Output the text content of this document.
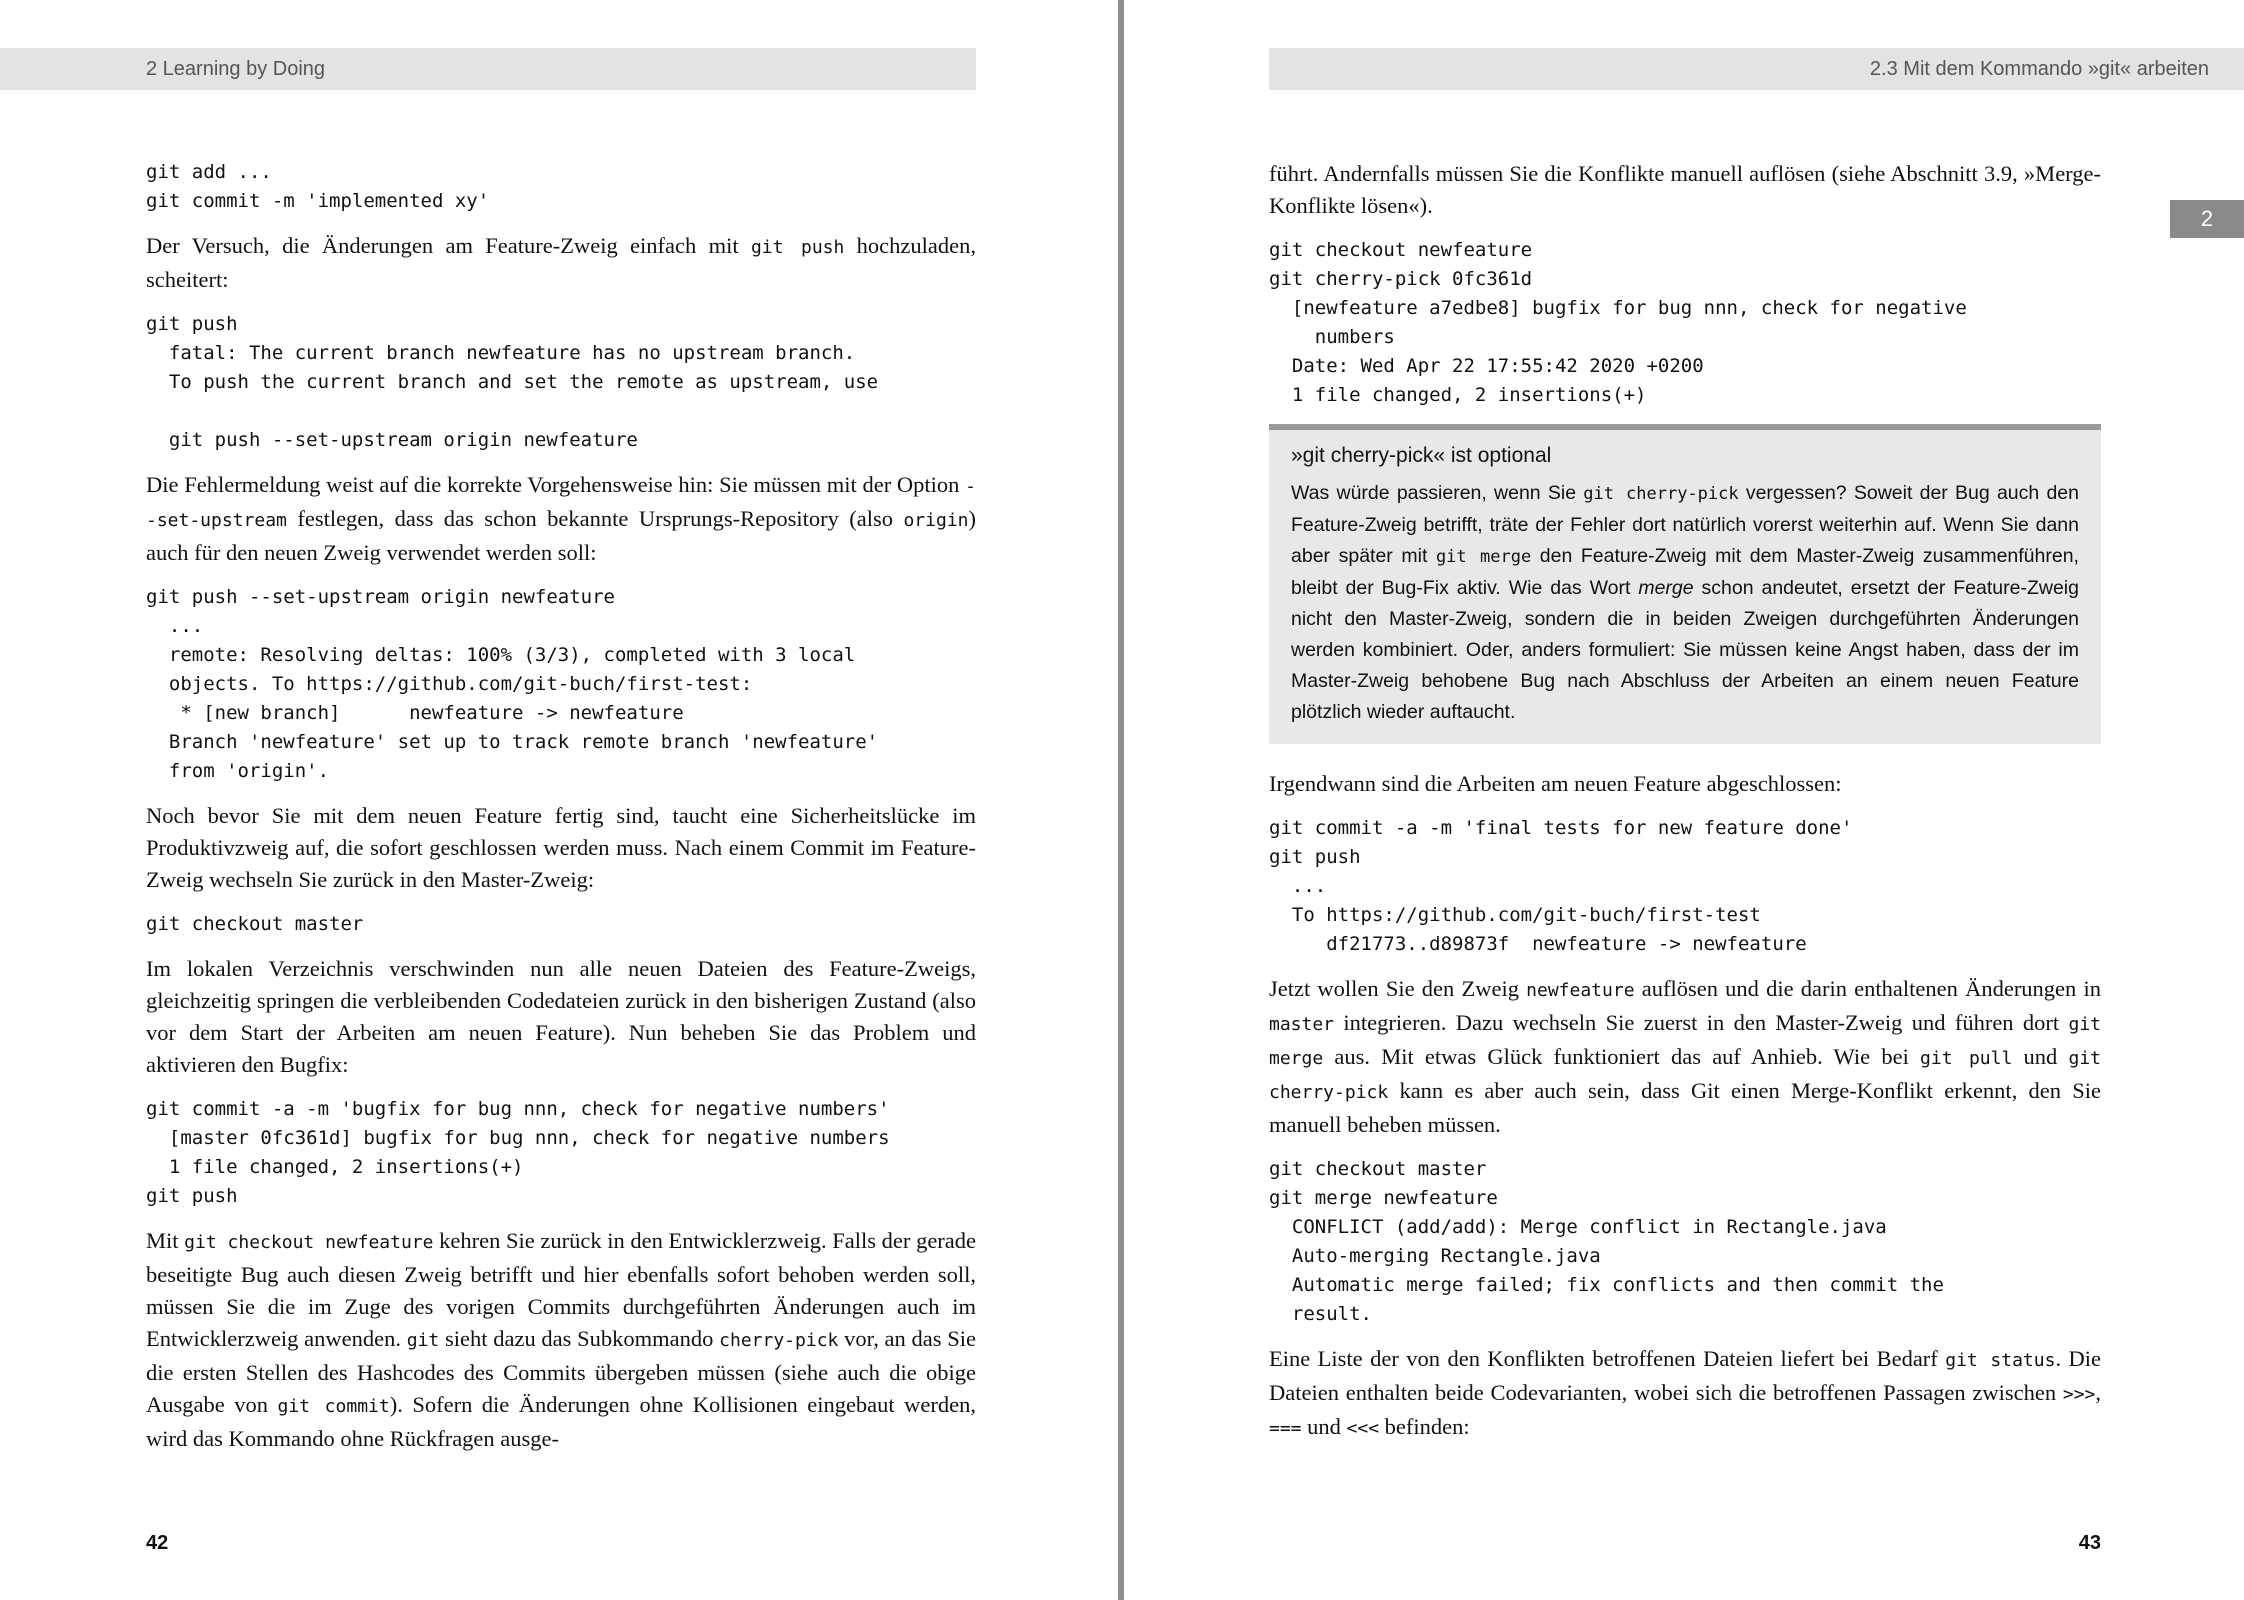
2 Learning by Doing
git add ...
git commit -m 'implemented xy'

Der Versuch, die Änderungen am Feature-Zweig einfach mit git push hochzuladen, scheitert:

git push
fatal: The current branch newfeature has no upstream branch.
To push the current branch and set the remote as upstream, use

git push --set-upstream origin newfeature

Die Fehlermeldung weist auf die korrekte Vorgehensweise hin: Sie müssen mit der Option --set-upstream festlegen, dass das schon bekannte Ursprungs-Repository (also origin) auch für den neuen Zweig verwendet werden soll:

git push --set-upstream origin newfeature
...
remote: Resolving deltas: 100% (3/3), completed with 3 local
objects. To https://github.com/git-buch/first-test:
* [new branch]      newfeature -> newfeature
Branch 'newfeature' set up to track remote branch 'newfeature'
from 'origin'.

Noch bevor Sie mit dem neuen Feature fertig sind, taucht eine Sicherheitslücke im Produktivzweig auf, die sofort geschlossen werden muss. Nach einem Commit im Feature-Zweig wechseln Sie zurück in den Master-Zweig:

git checkout master

Im lokalen Verzeichnis verschwinden nun alle neuen Dateien des Feature-Zweigs, gleichzeitig springen die verbleibenden Codedateien zurück in den bisherigen Zustand (also vor dem Start der Arbeiten am neuen Feature). Nun beheben Sie das Problem und aktivieren den Bugfix:

git commit -a -m 'bugfix for bug nnn, check for negative numbers'
[master 0fc361d] bugfix for bug nnn, check for negative numbers
1 file changed, 2 insertions(+)
git push

Mit git checkout newfeature kehren Sie zurück in den Entwicklerzweig. Falls der gerade beseitigte Bug auch diesen Zweig betrifft und hier ebenfalls sofort behoben werden soll, müssen Sie die im Zuge des vorigen Commits durchgeführten Änderungen auch im Entwicklerzweig anwenden. git sieht dazu das Subkommando cherry-pick vor, an das Sie die ersten Stellen des Hashcodes des Commits übergeben müssen (siehe auch die obige Ausgabe von git commit). Sofern die Änderungen ohne Kollisionen eingebaut werden, wird das Kommando ohne Rückfragen ausge-

42
2.3 Mit dem Kommando »git« arbeiten
2

führt. Andernfalls müssen Sie die Konflikte manuell auflösen (siehe Abschnitt 3.9, »Merge-Konflikte lösen«).

git checkout newfeature
git cherry-pick 0fc361d
[newfeature a7edbe8] bugfix for bug nnn, check for negative
numbers
Date: Wed Apr 22 17:55:42 2020 +0200
1 file changed, 2 insertions(+)
»git cherry-pick« ist optional

Was würde passieren, wenn Sie git cherry-pick vergessen? Soweit der Bug auch den Feature-Zweig betrifft, träte der Fehler dort natürlich vorerst weiterhin auf. Wenn Sie dann aber später mit git merge den Feature-Zweig mit dem Master-Zweig zusammenführen, bleibt der Bug-Fix aktiv. Wie das Wort merge schon andeutet, ersetzt der Feature-Zweig nicht den Master-Zweig, sondern die in beiden Zweigen durchgeführten Änderungen werden kombiniert. Oder, anders formuliert: Sie müssen keine Angst haben, dass der im Master-Zweig behobene Bug nach Abschluss der Arbeiten an einem neuen Feature plötzlich wieder auftaucht.

Irgendwann sind die Arbeiten am neuen Feature abgeschlossen:

git commit -a -m 'final tests for new feature done'
git push
...
To https://github.com/git-buch/first-test
df21773..d89873f  newfeature -> newfeature

Jetzt wollen Sie den Zweig newfeature auflösen und die darin enthaltenen Änderungen in master integrieren. Dazu wechseln Sie zuerst in den Master-Zweig und führen dort git merge aus. Mit etwas Glück funktioniert das auf Anhieb. Wie bei git pull und git cherry-pick kann es aber auch sein, dass Git einen Merge-Konflikt erkennt, den Sie manuell beheben müssen.

git checkout master
git merge newfeature
CONFLICT (add/add): Merge conflict in Rectangle.java
Auto-merging Rectangle.java
Automatic merge failed; fix conflicts and then commit the
result.

Eine Liste der von den Konflikten betroffenen Dateien liefert bei Bedarf git status. Die Dateien enthalten beide Codevarianten, wobei sich die betroffenen Passagen zwischen >>>, === und <<< befinden:

43
